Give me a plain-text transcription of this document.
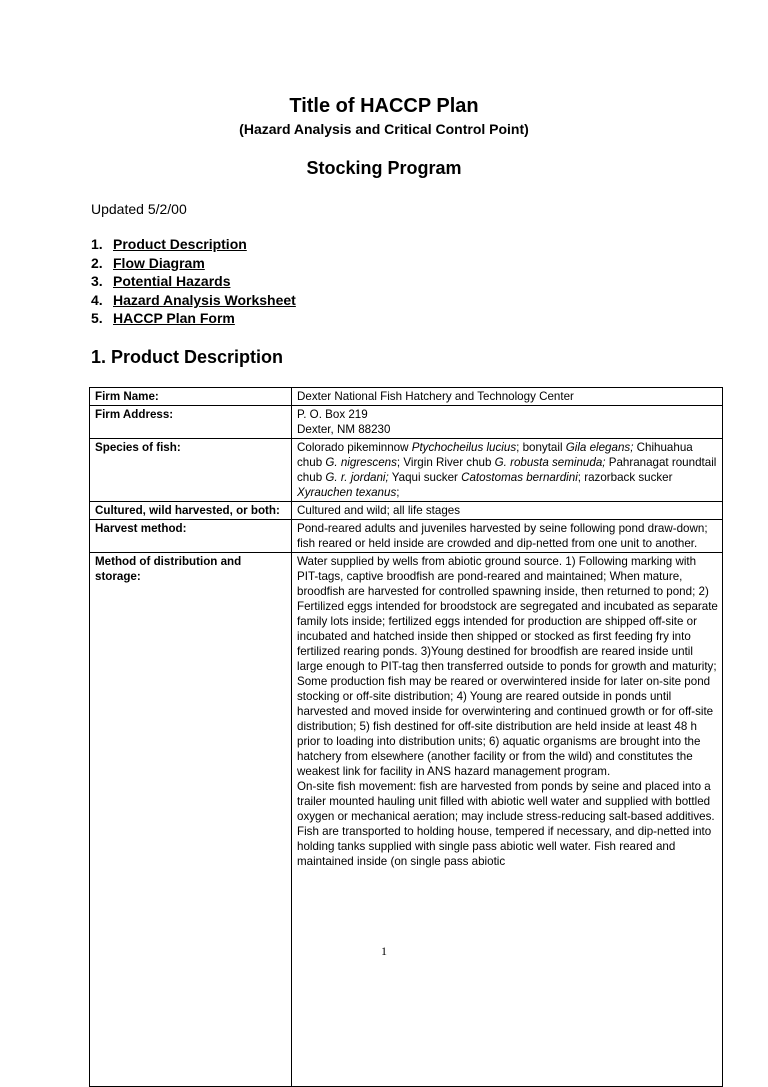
Title of HACCP Plan
(Hazard Analysis and Critical Control Point)
Stocking Program
Updated 5/2/00
1. Product Description
2. Flow Diagram
3. Potential Hazards
4. Hazard Analysis Worksheet
5. HACCP Plan Form
1. Product Description
Firm Name:	Dexter National Fish Hatchery and Technology Center
Firm Address:	P. O. Box 219
Dexter, NM 88230

Species of fish:	Colorado pikeminnow Ptychocheilus lucius; bonytail Gila elegans; Chihuahua chub G. nigrescens; Virgin River chub G. robusta seminuda; Pahranagat roundtail chub G. r. jordani; Yaqui sucker Catostomas bernardini; razorback sucker Xyrauchen texanus;
Cultured, wild harvested, or both:	Cultured and wild; all life stages
Harvest method:	Pond-reared adults and juveniles harvested by seine following pond draw-down; fish reared or held inside are crowded and dip-netted from one unit to another.
Method of distribution and storage:	Water supplied by wells from abiotic ground source. 1) Following marking with PIT-tags, captive broodfish are pond-reared and maintained; When mature, broodfish are harvested for controlled spawning inside, then returned to pond; 2) Fertilized eggs intended for broodstock are segregated and incubated as separate family lots inside; fertilized eggs intended for production are shipped off-site or incubated and hatched inside then shipped or stocked as first feeding fry into fertilized rearing ponds. 3)Young destined for broodfish are reared inside until large enough to PIT-tag then transferred outside to ponds for growth and maturity; Some production fish may be reared or overwintered inside for later on-site pond stocking or off-site distribution; 4) Young are reared outside in ponds until harvested and moved inside for overwintering and continued growth or for off-site distribution; 5) fish destined for off-site distribution are held inside at least 48 h prior to loading into distribution units; 6) aquatic organisms are brought into the hatchery from elsewhere (another facility or from the wild) and constitutes the weakest link for facility in ANS hazard management program.
On-site fish movement: fish are harvested from ponds by seine and placed into a trailer mounted hauling unit filled with abiotic well water and supplied with bottled oxygen or mechanical aeration; may include stress-reducing salt-based additives. Fish are transported to holding house, tempered if necessary, and dip-netted into holding tanks supplied with single pass abiotic well water. Fish reared and maintained inside (on single pass abiotic
1
